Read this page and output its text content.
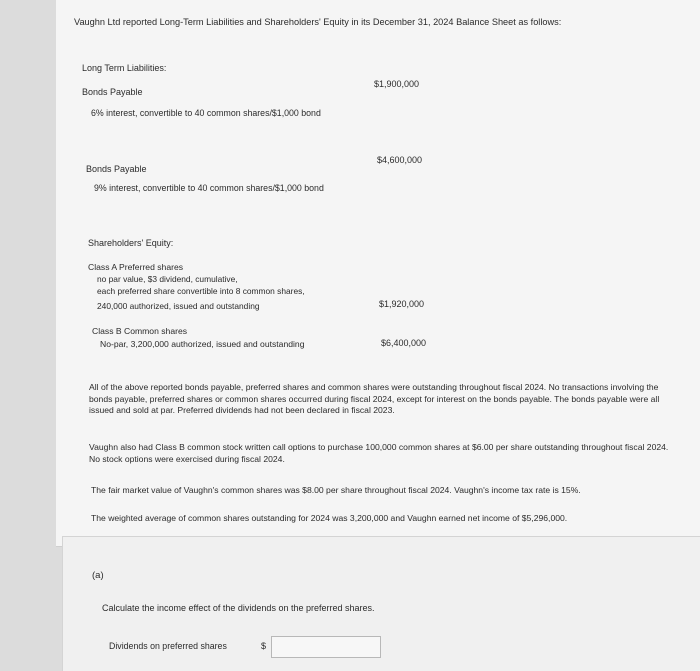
Vaughn Ltd reported Long-Term Liabilities and Shareholders' Equity in its December 31, 2024 Balance Sheet as follows:
Long Term Liabilities:
Bonds Payable
$1,900,000
6% interest, convertible to 40 common shares/$1,000 bond
Bonds Payable
$4,600,000
9% interest, convertible to 40 common shares/$1,000 bond
Shareholders' Equity:
Class A Preferred shares
no par value, $3 dividend, cumulative,
each preferred share convertible into 8 common shares,
240,000 authorized, issued and outstanding	$1,920,000
Class B Common shares
No-par, 3,200,000 authorized, issued and outstanding	$6,400,000
All of the above reported bonds payable, preferred shares and common shares were outstanding throughout fiscal 2024. No transactions involving the bonds payable, preferred shares or common shares occurred during fiscal 2024, except for interest on the bonds payable. The bonds payable were all issued and sold at par. Preferred dividends had not been declared in fiscal 2023.
Vaughn also had Class B common stock written call options to purchase 100,000 common shares at $6.00 per share outstanding throughout fiscal 2024. No stock options were exercised during fiscal 2024.
The fair market value of Vaughn's common shares was $8.00 per share throughout fiscal 2024. Vaughn's income tax rate is 15%.
The weighted average of common shares outstanding for 2024 was 3,200,000 and Vaughn earned net income of $5,296,000.
(a)
Calculate the income effect of the dividends on the preferred shares.
Dividends on preferred shares	$
